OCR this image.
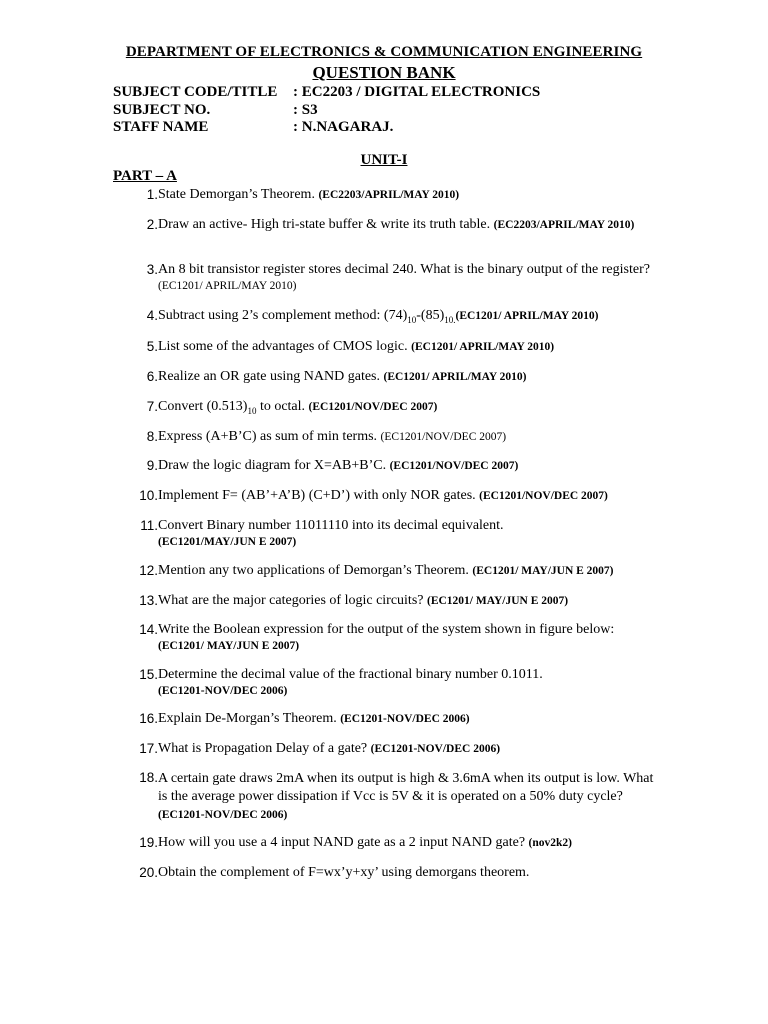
DEPARTMENT OF ELECTRONICS & COMMUNICATION ENGINEERING
QUESTION BANK
SUBJECT CODE/TITLE : EC2203 / DIGITAL ELECTRONICS
SUBJECT NO.	: S3
STAFF NAME	: N.NAGARAJ.
UNIT-I
PART – A
1. State Demorgan’s Theorem. (EC2203/APRIL/MAY 2010)
2. Draw an active- High tri-state buffer & write its truth table. (EC2203/APRIL/MAY 2010)
3. An 8 bit transistor register stores decimal 240. What is the binary output of the register? (EC1201/ APRIL/MAY 2010)
4. Subtract using 2’s complement method: $(74)_{10}-(85)_{10.}(EC1201/$ APRIL/MAY 2010)
5. List some of the advantages of CMOS logic. (EC1201/ APRIL/MAY 2010)
6. Realize an OR gate using NAND gates. (EC1201/ APRIL/MAY 2010)
7. Convert $(0.513)_{10}$ to octal. (EC1201/NOV/DEC 2007)
8. Express (A+B’C) as sum of min terms. (EC1201/NOV/DEC 2007)
9. Draw the logic diagram for X=AB+B’C. (EC1201/NOV/DEC 2007)
10. Implement F= (AB’+A’B) (C+D’) with only NOR gates. (EC1201/NOV/DEC 2007)
11. Convert Binary number 11011110 into its decimal equivalent.
(EC1201/MAY/JUN E 2007)
12. Mention any two applications of Demorgan’s Theorem. (EC1201/ MAY/JUN E 2007)
13. What are the major categories of logic circuits? (EC1201/ MAY/JUN E 2007)
14. Write the Boolean expression for the output of the system shown in figure below:
(EC1201/ MAY/JUN E 2007)
15. Determine the decimal value of the fractional binary number 0.1011.
(EC1201-NOV/DEC 2006)
16. Explain De-Morgan’s Theorem. (EC1201-NOV/DEC 2006)
17. What is Propagation Delay of a gate? (EC1201-NOV/DEC 2006)
18. A certain gate draws 2mA when its output is high & 3.6mA when its output is low. What is the average power dissipation if Vcc is 5V & it is operated on a 50% duty cycle? (EC1201-NOV/DEC 2006)
19. How will you use a 4 input NAND gate as a 2 input NAND gate? (nov2k2)
20. Obtain the complement of F=wx’y+xy’ using demorgans theorem.
